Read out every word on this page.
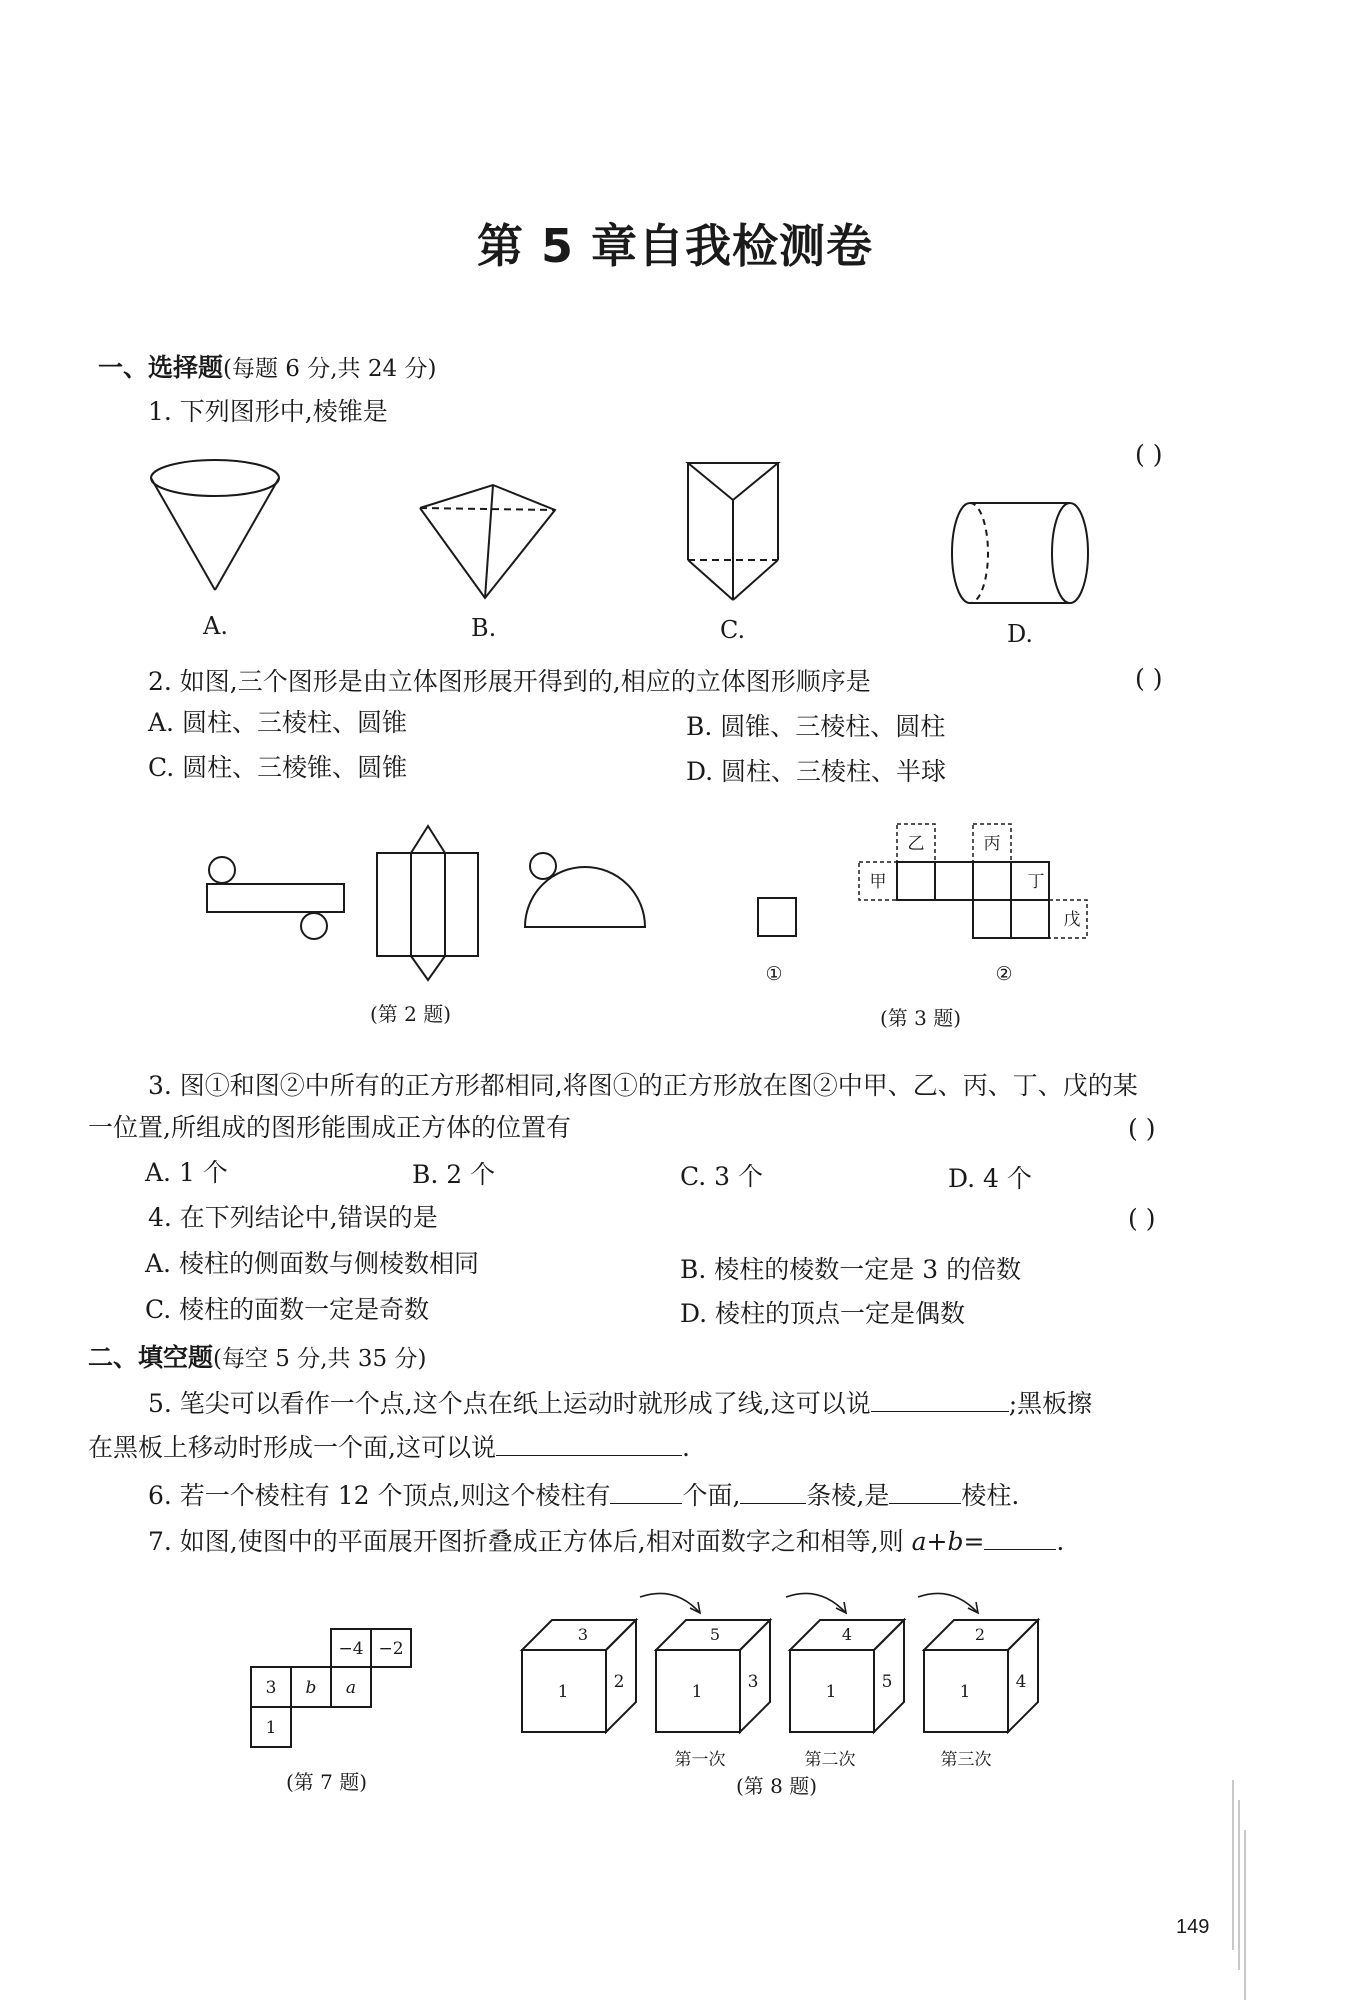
第 5 章自我检测卷
一、选择题(每题 6 分,共 24 分)
1. 下列图形中,棱锥是
( )
A.	B.	C.	D.
2. 如图,三个图形是由立体图形展开得到的,相应的立体图形顺序是	( )
A. 圆柱、三棱柱、圆锥	B. 圆锥、三棱柱、圆柱
C. 圆柱、三棱锥、圆锥	D. 圆柱、三棱柱、半球
甲
乙	丙
丁
戊
①	②
(第 2 题)	(第 3 题)
3. 图①和图②中所有的正方形都相同,将图①的正方形放在图②中甲、乙、丙、丁、戊的某
一位置,所组成的图形能围成正方体的位置有	( )
A. 1 个	B. 2 个	C. 3 个	D. 4 个
4. 在下列结论中,错误的是	( )
A. 棱柱的侧面数与侧棱数相同	B. 棱柱的棱数一定是 3 的倍数
C. 棱柱的面数一定是奇数	D. 棱柱的顶点一定是偶数
二、填空题(每空 5 分,共 35 分)
5. 笔尖可以看作一个点,这个点在纸上运动时就形成了线,这可以说	;黑板擦
在黑板上移动时形成一个面,这可以说	.
6. 若一个棱柱有 12 个顶点,则这个棱柱有	个面,	条棱,是	棱柱.
7. 如图,使图中的平面展开图折叠成正方体后,相对面数字之和相等,则 a+b=	.
−4 −2
3 b a
1
3
1	2
5
1	3
4
1	5
2
1	4
第一次	第二次	第三次
(第 7 题)	(第 8 题)
149
